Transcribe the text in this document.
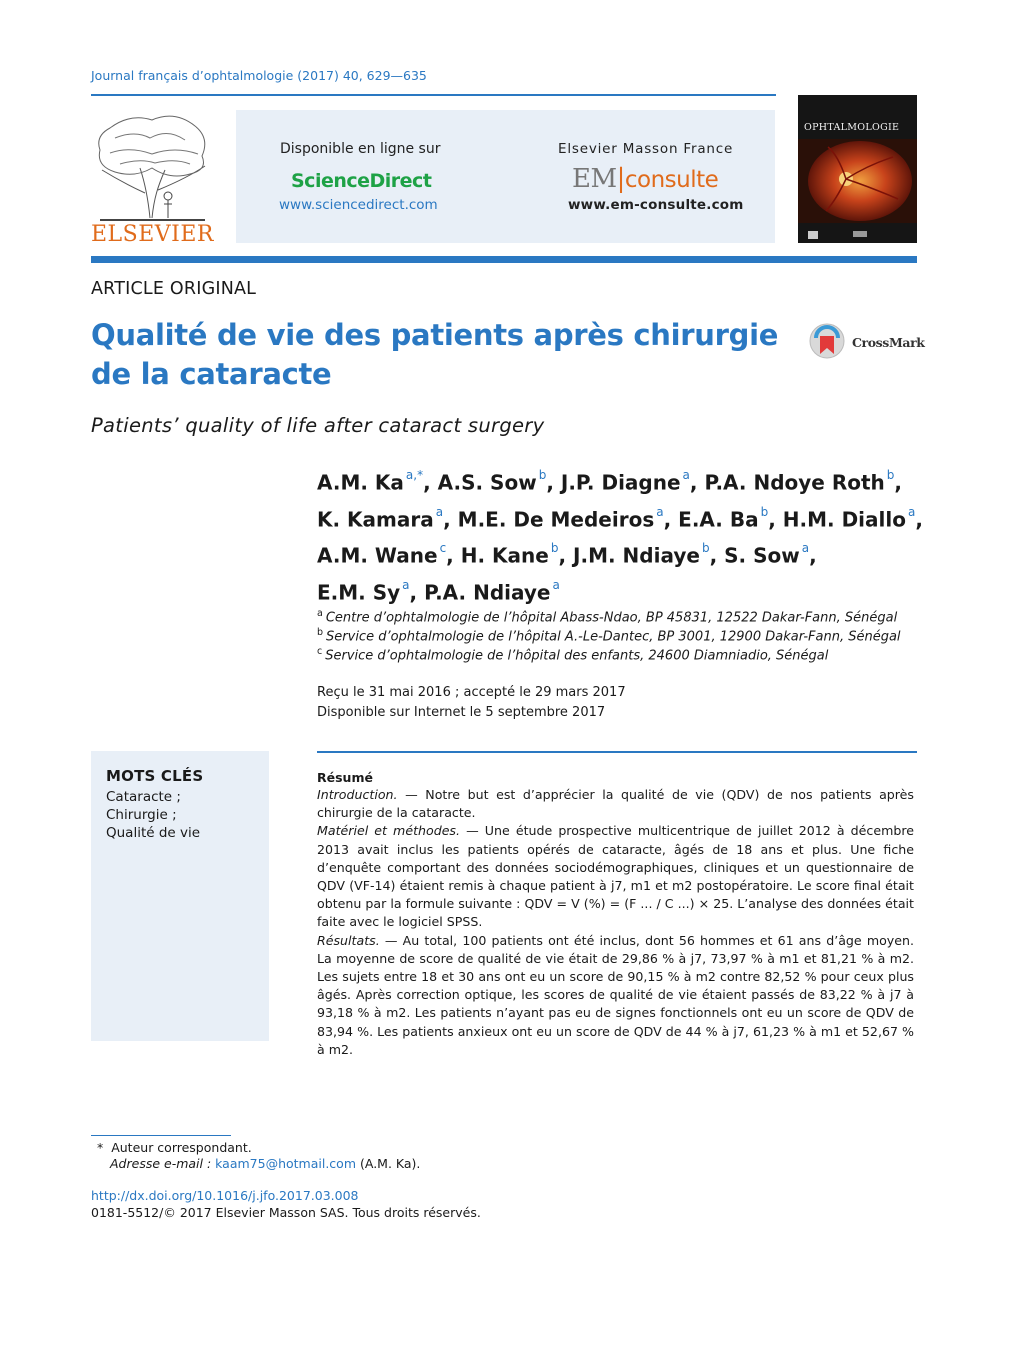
Journal français d’ophtalmologie (2017) 40, 629—635
ELSEVIER
Disponible en ligne sur
ScienceDirect
www.sciencedirect.com
Elsevier Masson France
EM|consulte
www.em-consulte.com
OPHTALMOLOGIE
ARTICLE ORIGINAL
Qualité de vie des patients après chirurgie
de la cataracte
CrossMark
Patients’ quality of life after cataract surgery
A.M. Ka $^{a,*}$, A.S. Sow $^b$, J.P. Diagne $^a$, P.A. Ndoye Roth $^b$,
K. Kamara $^a$, M.E. De Medeiros $^a$, E.A. Ba $^b$, H.M. Diallo $^a$,
A.M. Wane $^c$, H. Kane $^b$, J.M. Ndiaye $^b$, S. Sow $^a$,
E.M. Sy $^a$, P.A. Ndiaye $^a$
$^a$ Centre d’ophtalmologie de l’hôpital Abass-Ndao, BP 45831, 12522 Dakar-Fann, Sénégal
$^b$ Service d’ophtalmologie de l’hôpital A.-Le-Dantec, BP 3001, 12900 Dakar-Fann, Sénégal
$^c$ Service d’ophtalmologie de l’hôpital des enfants, 24600 Diamniadio, Sénégal
Reçu le 31 mai 2016 ; accepté le 29 mars 2017
Disponible sur Internet le 5 septembre 2017
MOTS CLÉS
Cataracte ;
Chirurgie ;
Qualité de vie
Résumé

Introduction. — Notre but est d’apprécier la qualité de vie (QDV) de nos patients après chirurgie de la cataracte.

Matériel et méthodes. — Une étude prospective multicentrique de juillet 2012 à décembre 2013 avait inclus les patients opérés de cataracte, âgés de 18 ans et plus. Une fiche d’enquête comportant des données sociodémographiques, cliniques et un questionnaire de QDV (VF-14) étaient remis à chaque patient à j7, m1 et m2 postopératoire. Le score final était obtenu par la formule suivante : QDV = V (%) = (F ... / C ...) × 25. L’analyse des données était faite avec le logiciel SPSS.

Résultats. — Au total, 100 patients ont été inclus, dont 56 hommes et 61 ans d’âge moyen. La moyenne de score de qualité de vie était de 29,86 % à j7, 73,97 % à m1 et 81,21 % à m2. Les sujets entre 18 et 30 ans ont eu un score de 90,15 % à m2 contre 82,52 % pour ceux plus âgés. Après correction optique, les scores de qualité de vie étaient passés de 83,22 % à j7 à 93,18 % à m2. Les patients n’ayant pas eu de signes fonctionnels ont eu un score de QDV de 83,94 %. Les patients anxieux ont eu un score de QDV de 44 % à j7, 61,23 % à m1 et 52,67 % à m2.

* Auteur correspondant.
Adresse e-mail : kaam75@hotmail.com (A.M. Ka).
http://dx.doi.org/10.1016/j.jfo.2017.03.008
0181-5512/© 2017 Elsevier Masson SAS. Tous droits réservés.
